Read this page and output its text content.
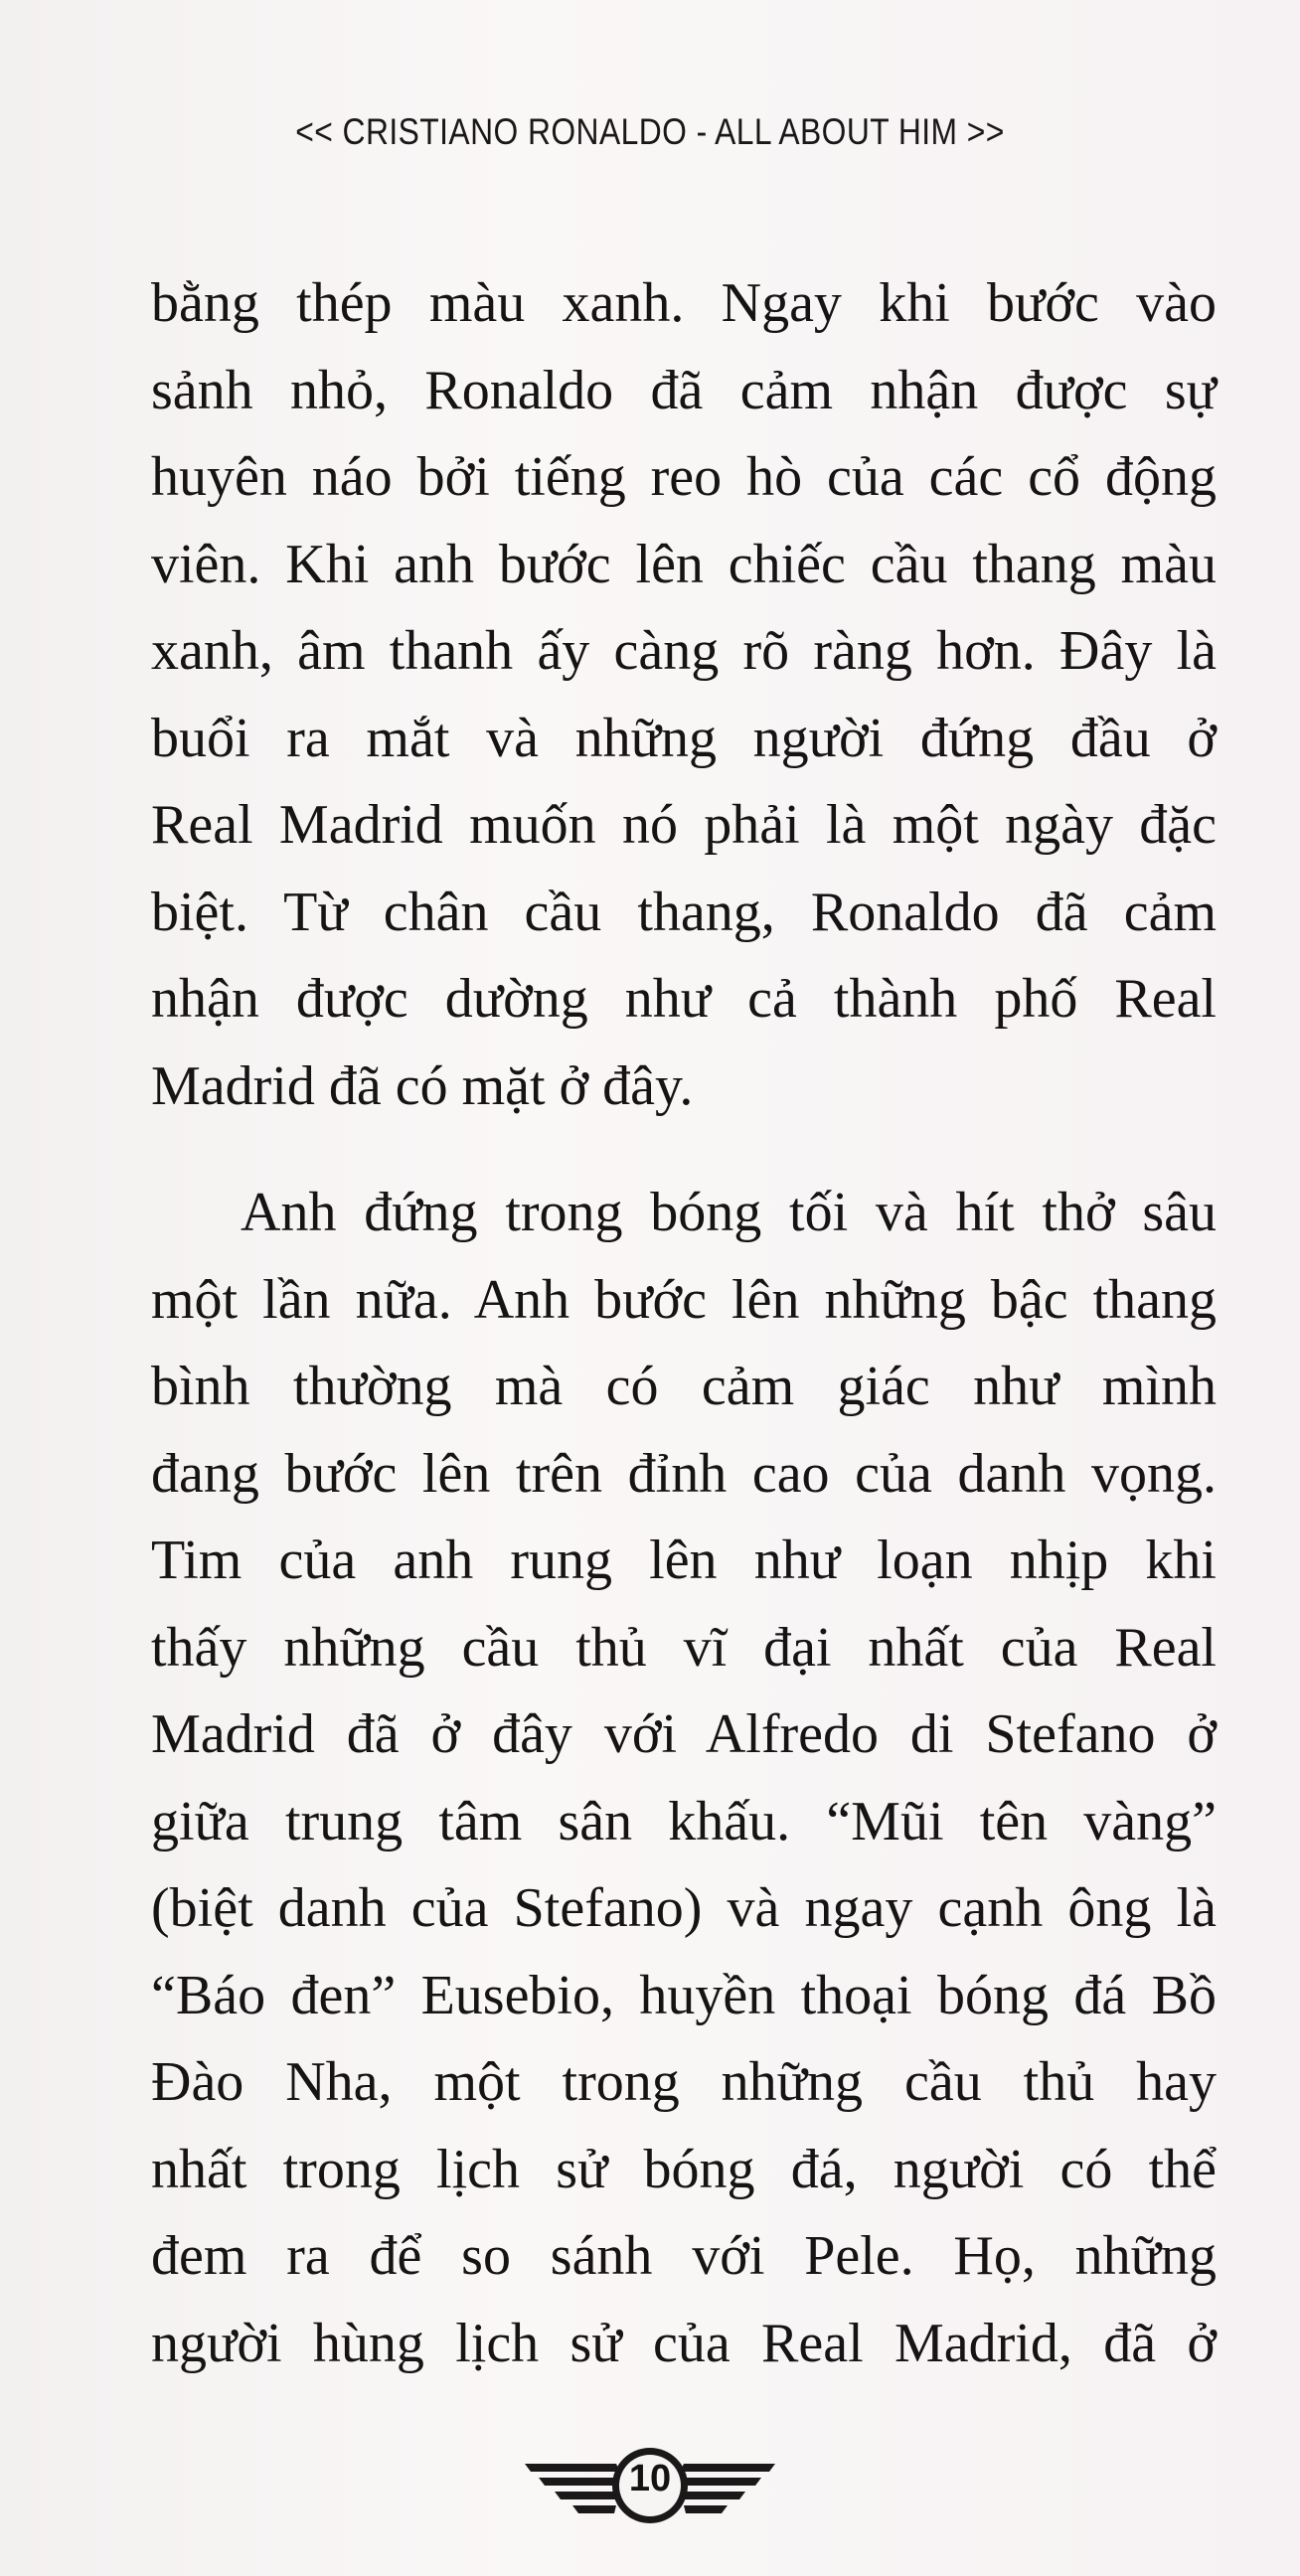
<< CRISTIANO RONALDO - ALL ABOUT HIM >>
bằng thép màu xanh. Ngay khi bước vào
sảnh nhỏ, Ronaldo đã cảm nhận được sự
huyên náo bởi tiếng reo hò của các cổ động
viên. Khi anh bước lên chiếc cầu thang màu
xanh, âm thanh ấy càng rõ ràng hơn. Đây là
buổi ra mắt và những người đứng đầu ở
Real Madrid muốn nó phải là một ngày đặc
biệt. Từ chân cầu thang, Ronaldo đã cảm
nhận được dường như cả thành phố Real
Madrid đã có mặt ở đây.
Anh đứng trong bóng tối và hít thở sâu
một lần nữa. Anh bước lên những bậc thang
bình thường mà có cảm giác như mình
đang bước lên trên đỉnh cao của danh vọng.
Tim của anh rung lên như loạn nhịp khi
thấy những cầu thủ vĩ đại nhất của Real
Madrid đã ở đây với Alfredo di Stefano ở
giữa trung tâm sân khấu. “Mũi tên vàng”
(biệt danh của Stefano) và ngay cạnh ông là
“Báo đen” Eusebio, huyền thoại bóng đá Bồ
Đào Nha, một trong những cầu thủ hay
nhất trong lịch sử bóng đá, người có thể
đem ra để so sánh với Pele. Họ, những
người hùng lịch sử của Real Madrid, đã ở
10
